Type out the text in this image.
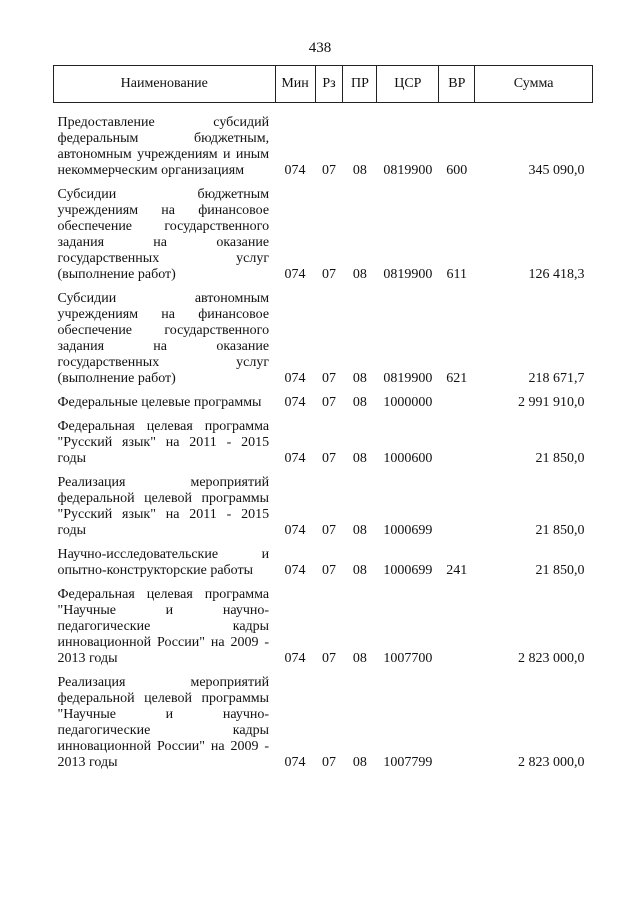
438
Наименование	Мин	Рз	ПР	ЦСР	ВР	Сумма
Предоставление субсидий федеральным бюджетным, автономным учреждениям и иным некоммерческим организациям	074	07	08	0819900	600	345 090,0
Субсидии бюджетным учреждениям на финансовое обеспечение государственного задания на оказание государственных услуг (выполнение работ)	074	07	08	0819900	611	126 418,3
Субсидии автономным учреждениям на финансовое обеспечение государственного задания на оказание государственных услуг (выполнение работ)	074	07	08	0819900	621	218 671,7
Федеральные целевые программы	074	07	08	1000000		2 991 910,0
Федеральная целевая программа "Русский язык" на 2011 - 2015 годы	074	07	08	1000600		21 850,0
Реализация мероприятий федеральной целевой программы "Русский язык" на 2011 - 2015 годы	074	07	08	1000699		21 850,0
Научно-исследовательские и опытно-конструкторские работы	074	07	08	1000699	241	21 850,0
Федеральная целевая программа "Научные и научно-педагогические кадры инновационной России" на 2009 - 2013 годы	074	07	08	1007700		2 823 000,0
Реализация мероприятий федеральной целевой программы "Научные и научно-педагогические кадры инновационной России" на 2009 - 2013 годы	074	07	08	1007799		2 823 000,0
